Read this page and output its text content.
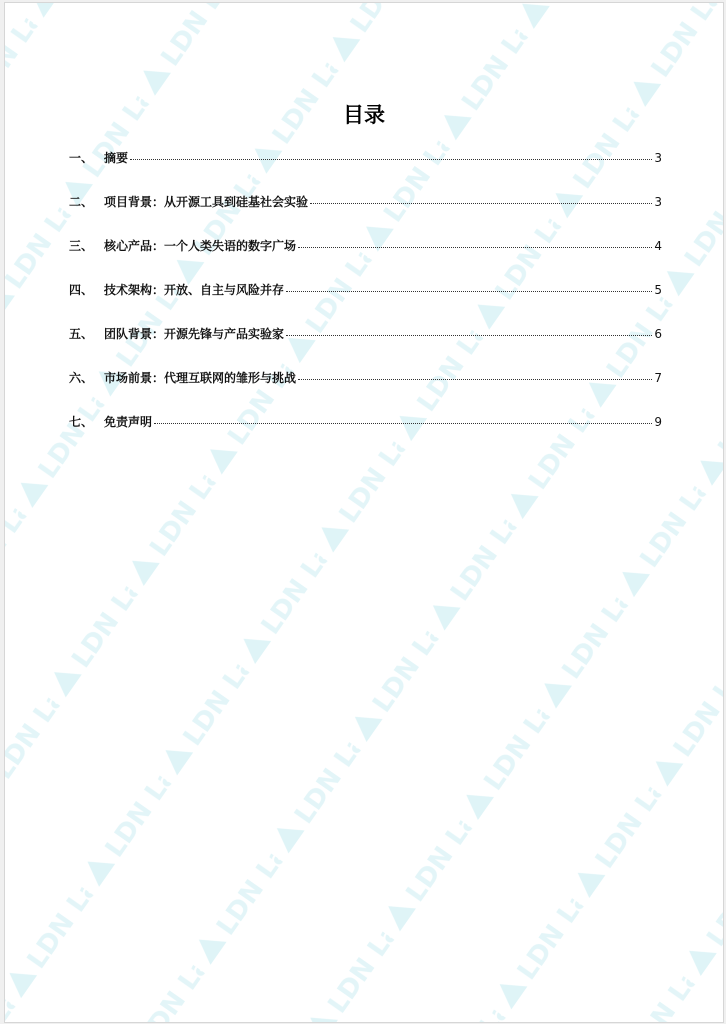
目录
一、 摘要	3
二、 项目背景：从开源工具到硅基社会实验	3
三、 核心产品：一个人类失语的数字广场	4
四、 技术架构：开放、自主与风险并存	5
五、 团队背景：开源先锋与产品实验家	6
六、 市场前景：代理互联网的雏形与挑战	7
七、 免责声明	9
